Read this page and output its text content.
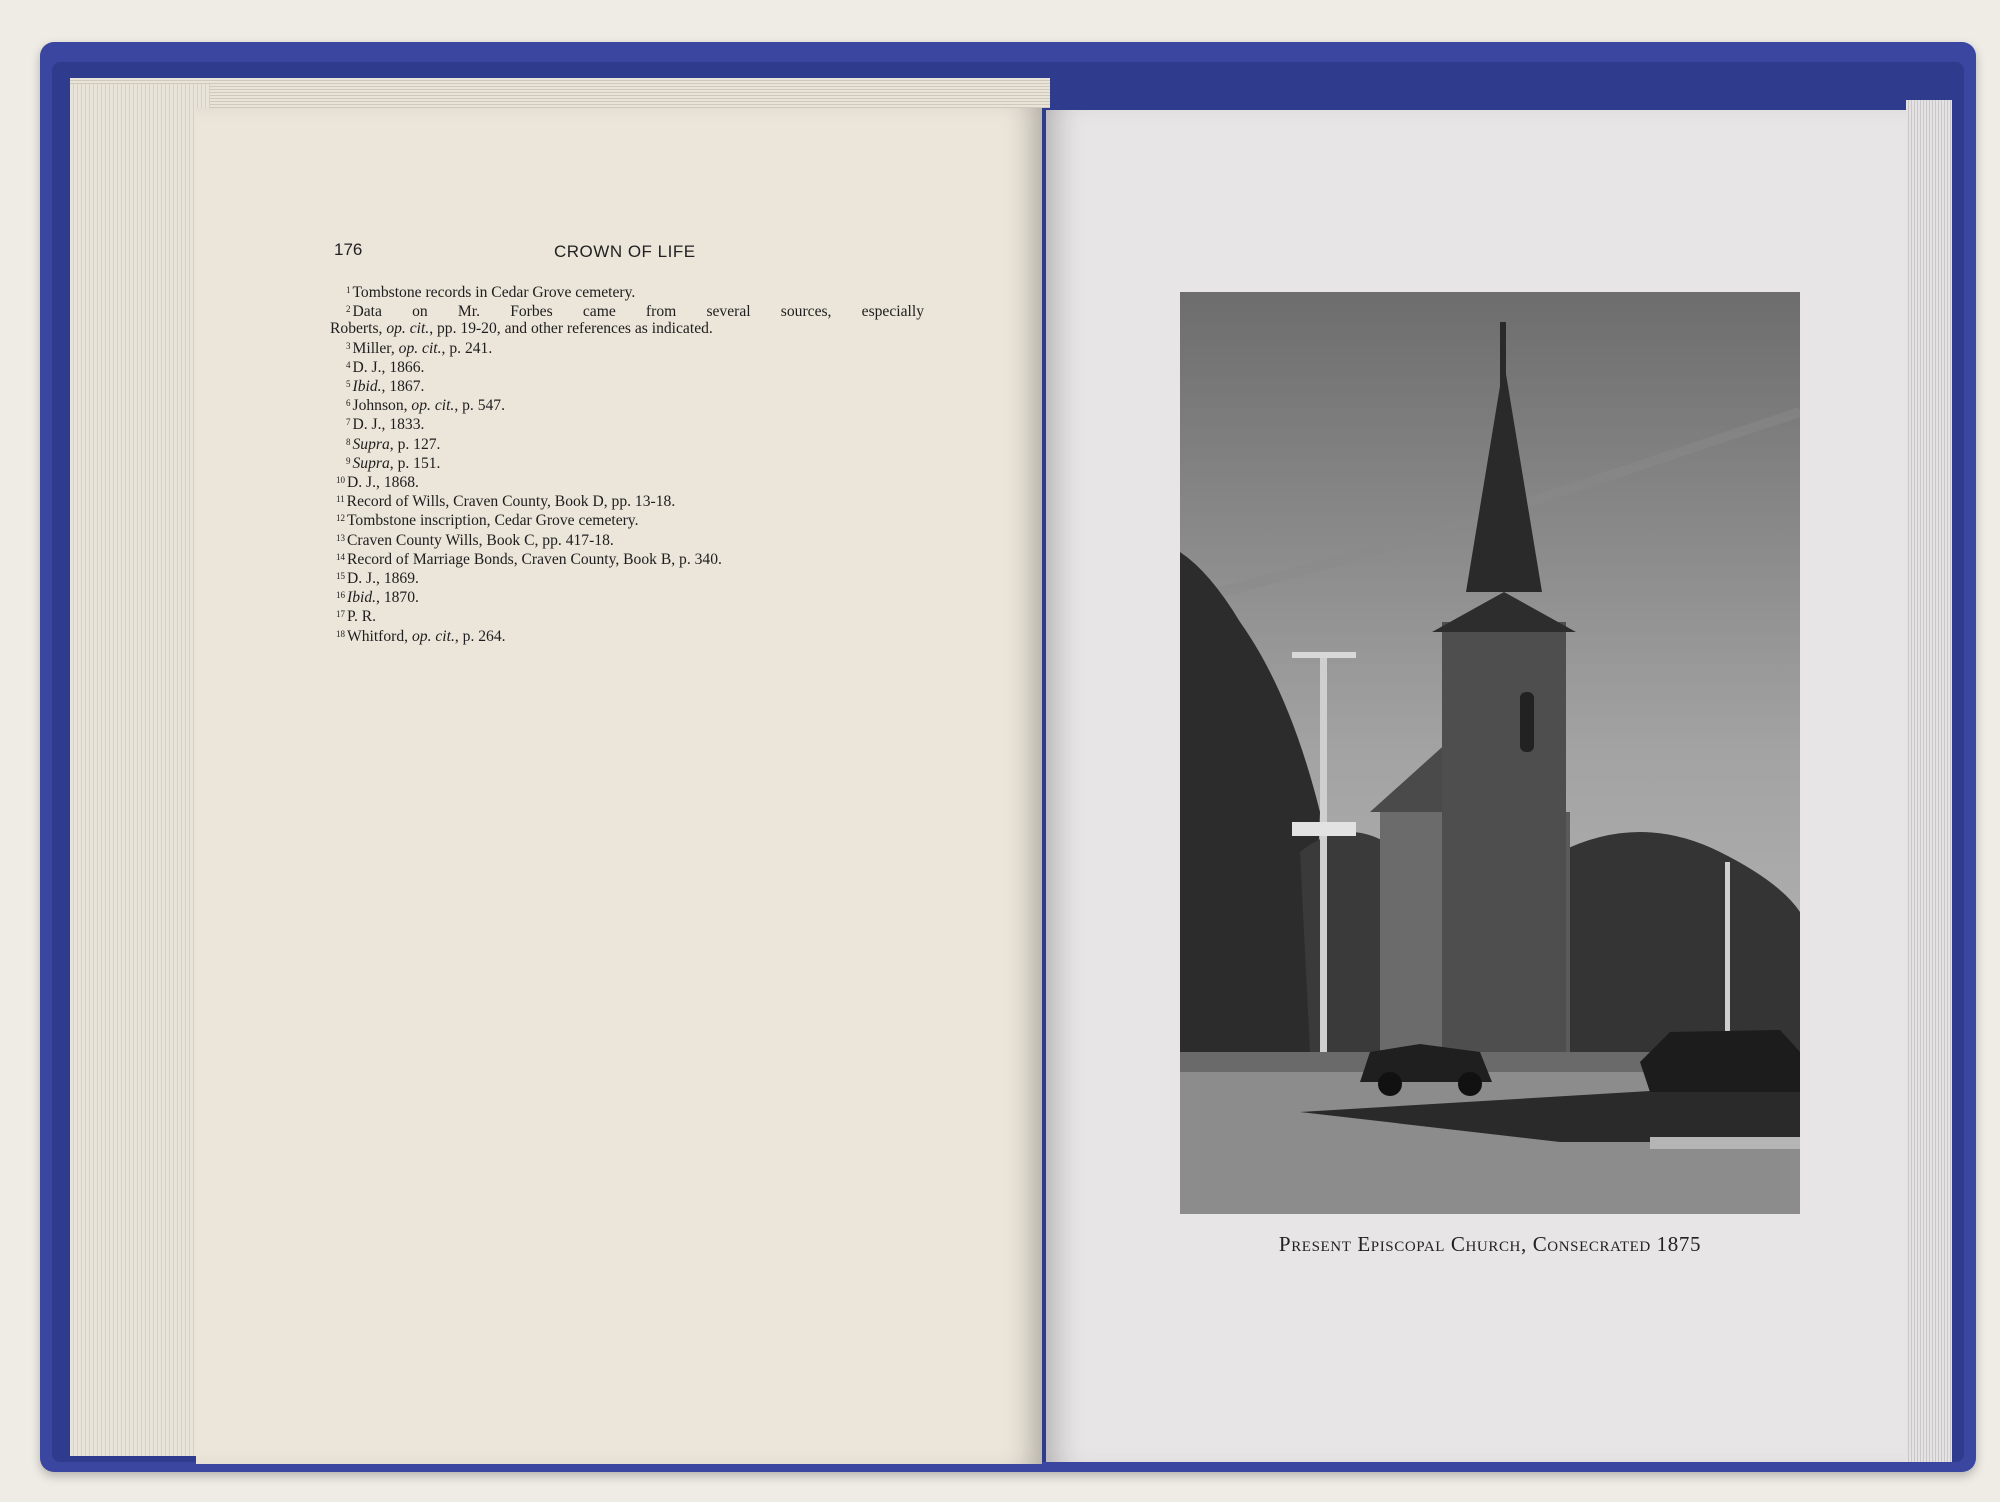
176	CROWN OF LIFE
$^1$ Tombstone records in Cedar Grove cemetery.
$^2$ Data on Mr. Forbes came from several sources, especially
Roberts, op. cit., pp. 19-20, and other references as indicated.
$^3$ Miller, op. cit., p. 241.
$^4$ D. J., 1866.
$^5$ Ibid., 1867.
$^6$ Johnson, op. cit., p. 547.
$^7$ D. J., 1833.
$^8$ Supra, p. 127.
$^9$ Supra, p. 151.
$^{10}$ D. J., 1868.
$^{11}$ Record of Wills, Craven County, Book D, pp. 13-18.
$^{12}$ Tombstone inscription, Cedar Grove cemetery.
$^{13}$ Craven County Wills, Book C, pp. 417-18.
$^{14}$ Record of Marriage Bonds, Craven County, Book B, p. 340.
$^{15}$ D. J., 1869.
$^{16}$ Ibid., 1870.
$^{17}$ P. R.
$^{18}$ Whitford, op. cit., p. 264.
Present Episcopal Church, Consecrated 1875
